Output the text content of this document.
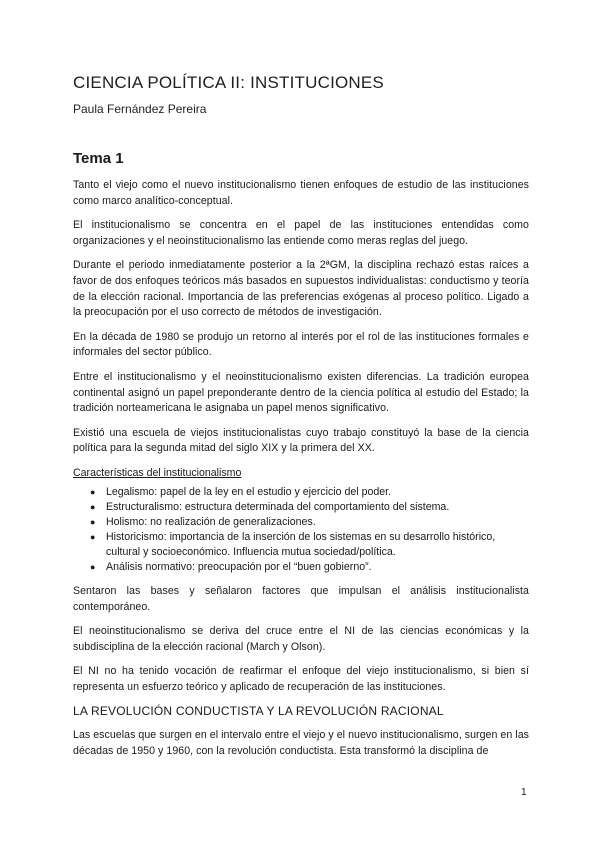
CIENCIA POLÍTICA II: INSTITUCIONES
Paula Fernández Pereira
Tema 1

Tanto el viejo como el nuevo institucionalismo tienen enfoques de estudio de las instituciones como marco analítico-conceptual.

El institucionalismo se concentra en el papel de las instituciones entendidas como organizaciones y el neoinstitucionalismo las entiende como meras reglas del juego.

Durante el periodo inmediatamente posterior a la 2ªGM, la disciplina rechazó estas raíces a favor de dos enfoques teóricos más basados en supuestos individualistas: conductismo y teoría de la elección racional. Importancia de las preferencias exógenas al proceso político. Ligado a la preocupación por el uso correcto de métodos de investigación.

En la década de 1980 se produjo un retorno al interés por el rol de las instituciones formales e informales del sector público.

Entre el institucionalismo y el neoinstitucionalismo existen diferencias. La tradición europea continental asignó un papel preponderante dentro de la ciencia política al estudio del Estado; la tradición norteamericana le asignaba un papel menos significativo.

Existió una escuela de viejos institucionalistas cuyo trabajo constituyó la base de la ciencia política para la segunda mitad del siglo XIX y la primera del XX.

Características del institucionalismo
● Legalismo: papel de la ley en el estudio y ejercicio del poder.
● Estructuralismo: estructura determinada del comportamiento del sistema.
● Holismo: no realización de generalizaciones.
● Historicismo: importancia de la inserción de los sistemas en su desarrollo histórico, cultural y socioeconómico. Influencia mutua sociedad/política.
● Análisis normativo: preocupación por el “buen gobierno”.

Sentaron las bases y señalaron factores que impulsan el análisis institucionalista contemporáneo.

El neoinstitucionalismo se deriva del cruce entre el NI de las ciencias económicas y la subdisciplina de la elección racional (March y Olson).

El NI no ha tenido vocación de reafirmar el enfoque del viejo institucionalismo, si bien sí representa un esfuerzo teórico y aplicado de recuperación de las instituciones.

LA REVOLUCIÓN CONDUCTISTA Y LA REVOLUCIÓN RACIONAL

Las escuelas que surgen en el intervalo entre el viejo y el nuevo institucionalismo, surgen en las décadas de 1950 y 1960, con la revolución conductista. Esta transformó la disciplina de

1
